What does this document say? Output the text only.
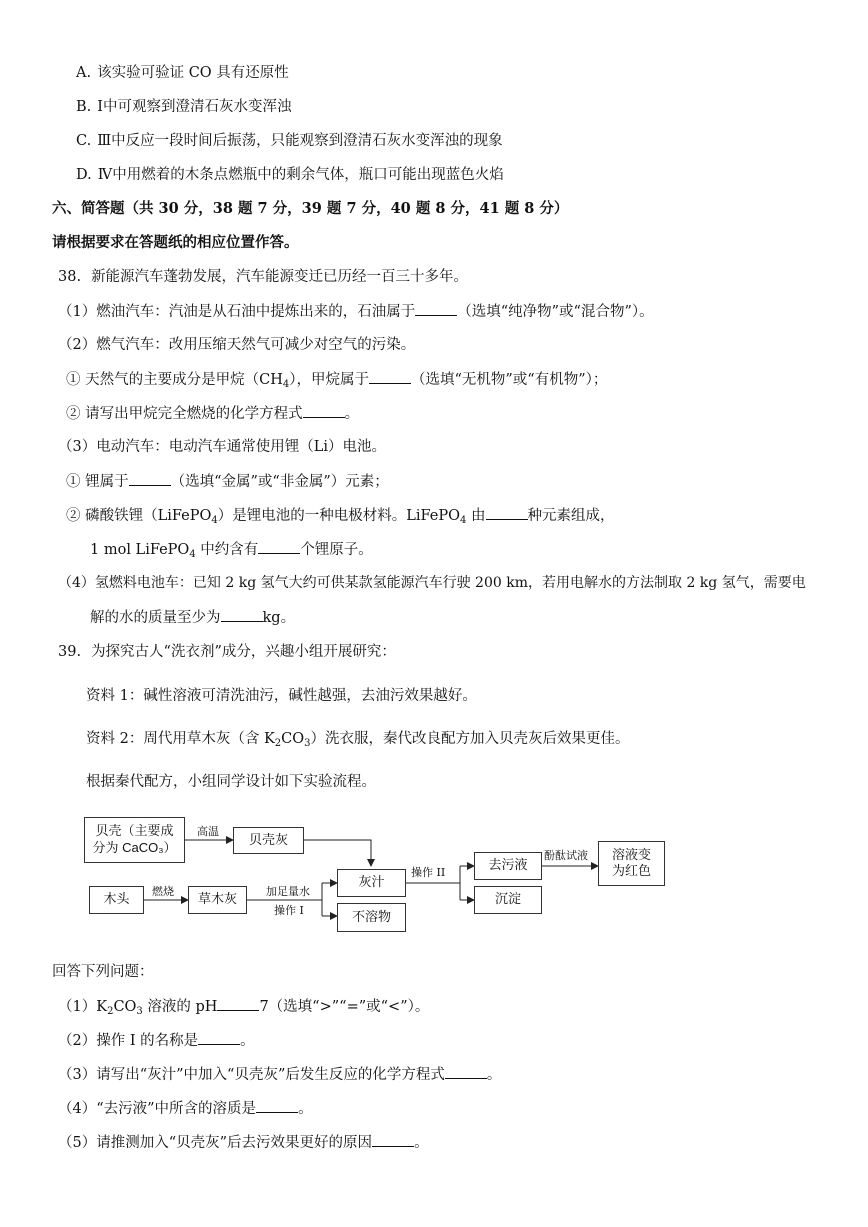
A. 该实验可验证 CO 具有还原性
B. Ⅰ中可观察到澄清石灰水变浑浊
C. Ⅲ中反应一段时间后振荡，只能观察到澄清石灰水变浑浊的现象
D. Ⅳ中用燃着的木条点燃瓶中的剩余气体，瓶口可能出现蓝色火焰
六、简答题（共 30 分，38 题 7 分，39 题 7 分，40 题 8 分，41 题 8 分）
请根据要求在答题纸的相应位置作答。
38. 新能源汽车蓬勃发展，汽车能源变迁已历经一百三十多年。
（1）燃油汽车：汽油是从石油中提炼出来的，石油属于	（选填“纯净物”或“混合物”）。
（2）燃气汽车：改用压缩天然气可减少对空气的污染。
① 天然气的主要成分是甲烷$(CH_4)$，甲烷属于	（选填“无机物”或“有机物”）；
② 请写出甲烷完全燃烧的化学方程式	。
（3）电动汽车：电动汽车通常使用锂（Li）电池。
① 锂属于	（选填“金属”或“非金属”）元素；
② 磷酸铁锂（LiFePO$_4$）是锂电池的一种电极材料。LiFePO$_4$ 由	种元素组成，
1 mol LiFePO$_4$ 中约含有	个锂原子。
（4）氢燃料电池车：已知 2 kg 氢气大约可供某款氢能源汽车行驶 200 km，若用电解水的方法制取 2 kg 氢气，需要电
解的水的质量至少为	kg。
39. 为探究古人“洗衣剂”成分，兴趣小组开展研究：
资料 1：碱性溶液可清洗油污，碱性越强，去油污效果越好。
资料 2：周代用草木灰（含 $K_2CO_3$）洗衣服，秦代改良配方加入贝壳灰后效果更佳。
根据秦代配方，小组同学设计如下实验流程。
贝壳（主要成
分为 CaCO₃）
高温
贝壳灰
木头
燃烧
草木灰
加足量水
操作 I
灰汁
不溶物
操作 II	去污液
沉淀
酚酞试液 溶液变
为红色
回答下列问题：
$(1)K_2CO_3$ 溶液的 pH	7（选填“>”“=”或“<”）。
（2）操作 I 的名称是	。
（3）请写出“灰汁”中加入“贝壳灰”后发生反应的化学方程式	。
（4）“去污液”中所含的溶质是	。
（5）请推测加入“贝壳灰”后去污效果更好的原因	。
